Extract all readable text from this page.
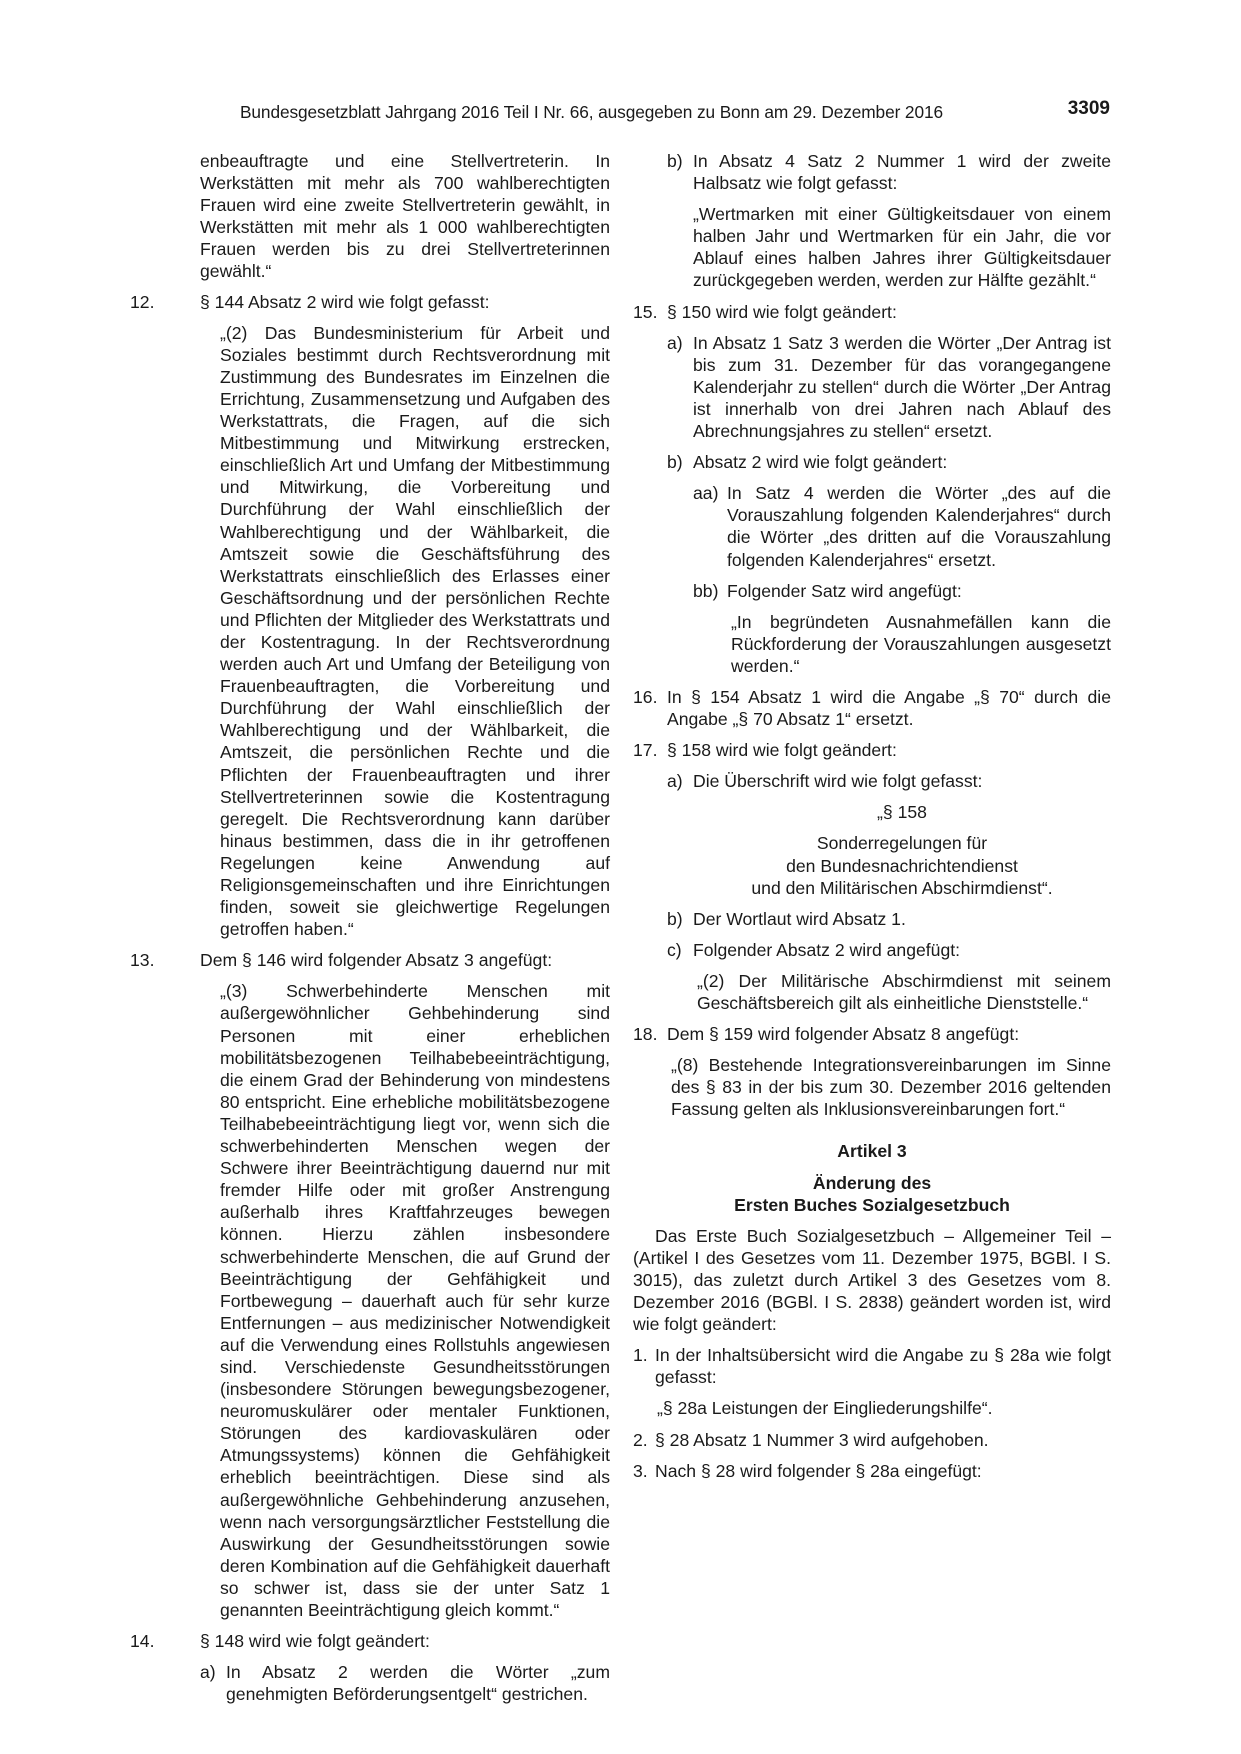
Bundesgesetzblatt Jahrgang 2016 Teil I Nr. 66, ausgegeben zu Bonn am 29. Dezember 2016	3309

enbeauftragte und eine Stellvertreterin. In Werkstätten mit mehr als 700 wahlberechtigten Frauen wird eine zweite Stellvertreterin gewählt, in Werkstätten mit mehr als 1 000 wahlberechtigten Frauen werden bis zu drei Stellvertreterinnen gewählt.“

12.	§ 144 Absatz 2 wird wie folgt gefasst:

„(2) Das Bundesministerium für Arbeit und Soziales bestimmt durch Rechtsverordnung mit Zustimmung des Bundesrates im Einzelnen die Errichtung, Zusammensetzung und Aufgaben des Werkstattrats, die Fragen, auf die sich Mitbestimmung und Mitwirkung erstrecken, einschließlich Art und Umfang der Mitbestimmung und Mitwirkung, die Vorbereitung und Durchführung der Wahl einschließlich der Wahlberechtigung und der Wählbarkeit, die Amtszeit sowie die Geschäftsführung des Werkstattrats einschließlich des Erlasses einer Geschäftsordnung und der persönlichen Rechte und Pflichten der Mitglieder des Werkstattrats und der Kostentragung. In der Rechtsverordnung werden auch Art und Umfang der Beteiligung von Frauenbeauftragten, die Vorbereitung und Durchführung der Wahl einschließlich der Wahlberechtigung und der Wählbarkeit, die Amtszeit, die persönlichen Rechte und die Pflichten der Frauenbeauftragten und ihrer Stellvertreterinnen sowie die Kostentragung geregelt. Die Rechtsverordnung kann darüber hinaus bestimmen, dass die in ihr getroffenen Regelungen keine Anwendung auf Religionsgemeinschaften und ihre Einrichtungen finden, soweit sie gleichwertige Regelungen getroffen haben.“

13.	Dem § 146 wird folgender Absatz 3 angefügt:

„(3) Schwerbehinderte Menschen mit außergewöhnlicher Gehbehinderung sind Personen mit einer erheblichen mobilitätsbezogenen Teilhabebeeinträchtigung, die einem Grad der Behinderung von mindestens 80 entspricht. Eine erhebliche mobilitätsbezogene Teilhabebeeinträchtigung liegt vor, wenn sich die schwerbehinderten Menschen wegen der Schwere ihrer Beeinträchtigung dauernd nur mit fremder Hilfe oder mit großer Anstrengung außerhalb ihres Kraftfahrzeuges bewegen können. Hierzu zählen insbesondere schwerbehinderte Menschen, die auf Grund der Beeinträchtigung der Gehfähigkeit und Fortbewegung – dauerhaft auch für sehr kurze Entfernungen – aus medizinischer Notwendigkeit auf die Verwendung eines Rollstuhls angewiesen sind. Verschiedenste Gesundheitsstörungen (insbesondere Störungen bewegungsbezogener, neuromuskulärer oder mentaler Funktionen, Störungen des kardiovaskulären oder Atmungssystems) können die Gehfähigkeit erheblich beeinträchtigen. Diese sind als außergewöhnliche Gehbehinderung anzusehen, wenn nach versorgungsärztlicher Feststellung die Auswirkung der Gesundheitsstörungen sowie deren Kombination auf die Gehfähigkeit dauerhaft so schwer ist, dass sie der unter Satz 1 genannten Beeinträchtigung gleich kommt.“

14.	§ 148 wird wie folgt geändert:

a) In Absatz 2 werden die Wörter „zum genehmigten Beförderungsentgelt“ gestrichen.

b) In Absatz 4 Satz 2 Nummer 1 wird der zweite Halbsatz wie folgt gefasst:

„Wertmarken mit einer Gültigkeitsdauer von einem halben Jahr und Wertmarken für ein Jahr, die vor Ablauf eines halben Jahres ihrer Gültigkeitsdauer zurückgegeben werden, werden zur Hälfte gezählt.“

15. § 150 wird wie folgt geändert:

a) In Absatz 1 Satz 3 werden die Wörter „Der Antrag ist bis zum 31. Dezember für das vorangegangene Kalenderjahr zu stellen“ durch die Wörter „Der Antrag ist innerhalb von drei Jahren nach Ablauf des Abrechnungsjahres zu stellen“ ersetzt.

b) Absatz 2 wird wie folgt geändert:

aa) In Satz 4 werden die Wörter „des auf die Vorauszahlung folgenden Kalenderjahres“ durch die Wörter „des dritten auf die Vorauszahlung folgenden Kalenderjahres“ ersetzt.

bb) Folgender Satz wird angefügt:

„In begründeten Ausnahmefällen kann die Rückforderung der Vorauszahlungen ausgesetzt werden.“

16. In § 154 Absatz 1 wird die Angabe „§ 70“ durch die Angabe „§ 70 Absatz 1“ ersetzt.

17. § 158 wird wie folgt geändert:

a) Die Überschrift wird wie folgt gefasst:

„§ 158

Sonderregelungen für

den Bundesnachrichtendienst

und den Militärischen Abschirmdienst“.

b) Der Wortlaut wird Absatz 1.

c) Folgender Absatz 2 wird angefügt:

„(2) Der Militärische Abschirmdienst mit seinem Geschäftsbereich gilt als einheitliche Dienststelle.“

18. Dem § 159 wird folgender Absatz 8 angefügt:

„(8) Bestehende Integrationsvereinbarungen im Sinne des § 83 in der bis zum 30. Dezember 2016 geltenden Fassung gelten als Inklusionsvereinbarungen fort.“

Artikel 3

Änderung des

Ersten Buches Sozialgesetzbuch

Das Erste Buch Sozialgesetzbuch – Allgemeiner Teil – (Artikel I des Gesetzes vom 11. Dezember 1975, BGBl. I S. 3015), das zuletzt durch Artikel 3 des Gesetzes vom 8. Dezember 2016 (BGBl. I S. 2838) geändert worden ist, wird wie folgt geändert:

1. In der Inhaltsübersicht wird die Angabe zu § 28a wie folgt gefasst:

„§ 28a Leistungen der Eingliederungshilfe“.

2. § 28 Absatz 1 Nummer 3 wird aufgehoben.

3. Nach § 28 wird folgender § 28a eingefügt:
